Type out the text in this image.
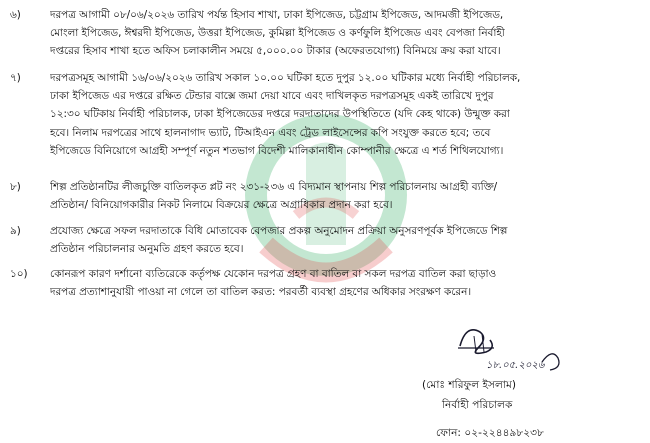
৬)	দরপত্র আগামী ০৮/০৬/২০২৬ তারিখ পর্যন্ত হিসাব শাখা, ঢাকা ইপিজেড, চট্টগ্রাম ইপিজেড, আদমজী ইপিজেড,
মোংলা ইপিজেড, ঈশ্বরদী ইপিজেড, উত্তরা ইপিজেড, কুমিল্লা ইপিজেড ও কর্ণফুলি ইপিজেড এবং বেপজা নির্বাহী
দপ্তরের হিসাব শাখা হতে অফিস চলাকালীন সময়ে ৫,০০০.০০ টাকার (অফেরতযোগ্য) বিনিময়ে ক্রয় করা যাবে।
৭)	দরপত্রসমূহ আগামী ১৬/০৬/২০২৬ তারিখ সকাল ১০.০০ ঘটিকা হতে দুপুর ১২.০০ ঘটিকার মধ্যে নির্বাহী পরিচালক,
ঢাকা ইপিজেড এর দপ্তরে রক্ষিত টেন্ডার বাক্সে জমা দেয়া যাবে এবং দাখিলকৃত দরপত্রসমূহ একই তারিখে দুপুর
১২:৩০ ঘটিকায় নির্বাহী পরিচালক, ঢাকা ইপিজেডের দপ্তরে দরদাতাদের উপস্থিতিতে (যদি কেহ থাকে) উন্মুক্ত করা
হবে। নিলাম দরপত্রের সাথে হালনাগাদ ভ্যাট, টিআইএন এবং ট্রেড লাইসেন্সের কপি সংযুক্ত করতে হবে; তবে
ইপিজেডে বিনিয়োগে আগ্রহী সম্পূর্ণ নতুন শতভাগ বিদেশী মালিকানাধীন কোম্পানীর ক্ষেত্রে এ শর্ত শিথিলযোগ্য।
৮)	শিল্প প্রতিষ্ঠানটির লীজচুক্তি বাতিলকৃত প্লট নং ২৩১-২৩৬ এ বিদ্যমান স্থাপনায় শিল্প পরিচালনায় আগ্রহী ব্যক্তি/
প্রতিষ্ঠান/ বিনিয়োগকারীর নিকট নিলামে বিক্রয়ের ক্ষেত্রে অগ্রাধিকার প্রদান করা হবে।
৯)	প্রযোজ্য ক্ষেত্রে সফল দরদাতাকে বিধি মোতাবেক বেপজার প্রকল্প অনুমোদন প্রক্রিয়া অনুসরণপূর্বক ইপিজেডে শিল্প
প্রতিষ্ঠান পরিচালনার অনুমতি গ্রহণ করতে হবে।
১০)	কোনরূপ কারণ দর্শানো ব্যতিরেকে কর্তৃপক্ষ যেকোন দরপত্র গ্রহণ বা বাতিল বা সকল দরপত্র বাতিল করা ছাড়াও
দরপত্র প্রত্যাশানুযায়ী পাওয়া না গেলে তা বাতিল করত: পরবর্তী ব্যবস্থা গ্রহণের অধিকার সংরক্ষণ করেন।
১৮.০৫.২০২৬
(মোঃ শরিফুল ইসলাম)
নির্বাহী পরিচালক
ফোন: ০২-২২৪৪৯৮২৩৮
